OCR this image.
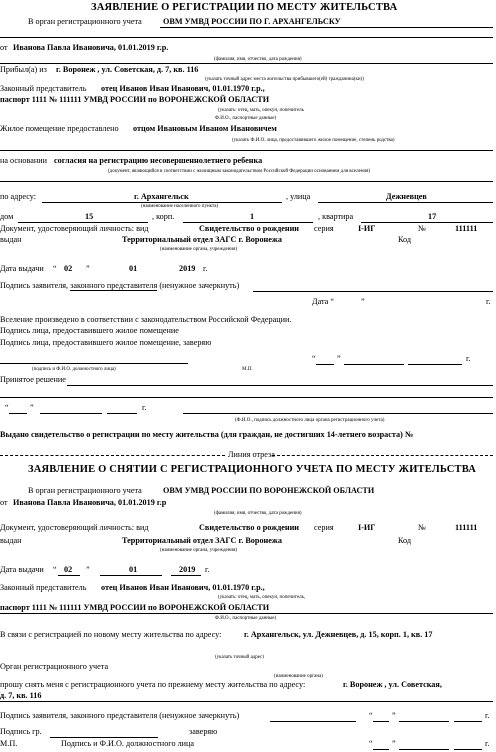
ЗАЯВЛЕНИЕ О РЕГИСТРАЦИИ ПО МЕСТУ ЖИТЕЛЬСТВА
В орган регистрационного учета	ОВМ УМВД РОССИИ ПО Г. АРХАНГЕЛЬСКУ
от Иванова Павла Ивановича, 01.01.2019 г.р.
(фамилия, имя, отчество, дата рождения)
Прибыл(а) из г. Воронеж , ул. Советская, д. 7, кв. 116
(указать точный адрес места жительства прибывшего(ей) гражданина(ки))
Законный представитель отец Иванов Иван Иванович, 01.01.1970 г.р.,
паспорт 1111 № 111111 УМВД РОССИИ по ВОРОНЕЖСКОЙ ОБЛАСТИ
(указать: отец, мать, опекун, попечитель
Ф.И.О., паспортные данные)
Жилое помещение предоставлено отцом Ивановым Иваном Ивановичем
(указать Ф.И.О. лица, предоставившего жилое помещение, степень родства)
на основании согласия на регистрацию несовершеннолетнего ребенка
(документ, являющийся в соответствии с жилищным законодательством Российской Федерации основанием для вселения)
по адресу:	г. Архангельск	, улица	Дежневцев
(наименование населенного пункта)
дом	15	, корп.	1	, квартира	17
Документ, удостоверяющий личность: вид	Свидетельство о рождении серия	I-ИГ	№	111111
выдан	Территориальный отдел ЗАГС г. Воронежа	Код
(наименование органа, учреждения)
Дата выдачи “ 02 ”	01	2019 г.
Подпись заявителя, законного представителя (ненужное зачеркнуть)
Дата “	”	г.
Вселение произведено в соответствии с законодательством Российской Федерации.
Подпись лица, предоставившего жилое помещение
Подпись лица, предоставившего жилое помещение, заверяю
“	”	г.
(подпись и Ф.И.О. должностного лица)	М.П.
Принятое решение
“	”	г.
(Ф.И.О., подпись должностного лица органа регистрационного учета)
Выдано свидетельство о регистрации по месту жительства (для граждан, не достигших 14-летнего возраста) №
Линия отреза
ЗАЯВЛЕНИЕ О СНЯТИИ С РЕГИСТРАЦИОННОГО УЧЕТА ПО МЕСТУ ЖИТЕЛЬСТВА
В орган регистрационного учета	ОВМ УМВД РОССИИ ПО ВОРОНЕЖСКОЙ ОБЛАСТИ
от Иванова Павла Ивановича, 01.01.2019 г.р
(фамилия, имя, отчество, дата рождения)
Документ, удостоверяющий личность: вид	Свидетельство о рождении серия	I-ИГ	№	111111
выдан	Территориальный отдел ЗАГС г. Воронежа	Код
(наименование органа, учреждения)
Дата выдачи “ 02 ”	01	2019 г.
Законный представитель отец Иванов Иван Иванович, 01.01.1970 г.р.,
(указать: отец, мать, опекун, попечитель,
паспорт 1111 № 111111 УМВД РОССИИ по ВОРОНЕЖСКОЙ ОБЛАСТИ
Ф.И.О., паспортные данные)
В связи с регистрацией по новому месту жительства по адресу:	г. Архангельск, ул. Дежневцев, д. 15, корп. 1, кв. 17
(указать точный адрес)
Орган регистрационного учета
(наименование органа)
прошу снять меня с регистрационного учета по прежнему месту жительства по адресу:	г. Воронеж , ул. Советская,
д. 7, кв. 116
Подпись заявителя, законного представителя (ненужное зачеркнуть)	“ ”	г.
Подпись гр.	заверяю
М.П.	Подпись и Ф.И.О. должностного лица	“ ”	г.
